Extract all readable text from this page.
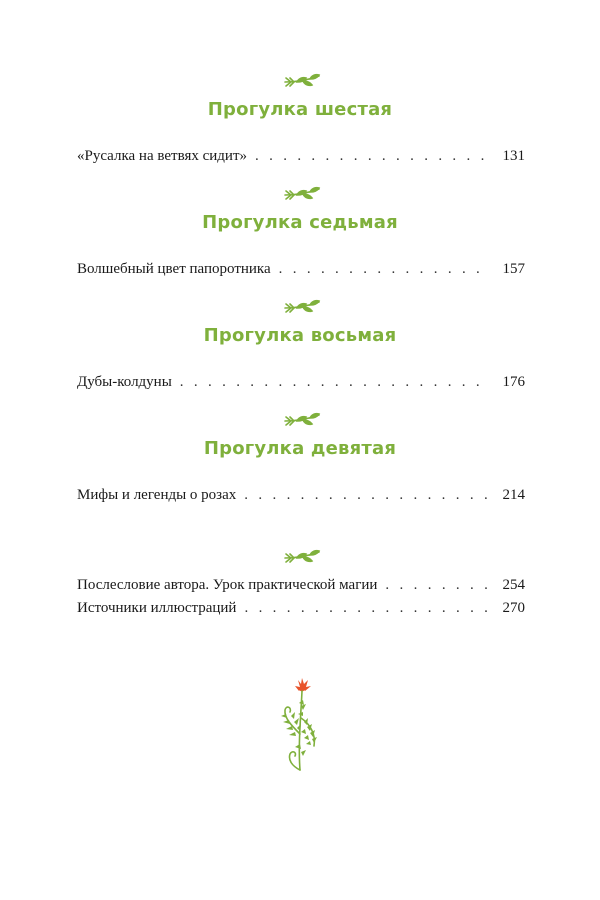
Прогулка шестая
«Русалка на ветвях сидит» . . .	131
Прогулка седьмая
Волшебный цвет папоротника . . .	157
Прогулка восьмая
Дубы-колдуны . . .	176
Прогулка девятая
Мифы и легенды о розах . . .	214
Послесловие автора. Урок практической магии . . .	254
Источники иллюстраций . . .	270
